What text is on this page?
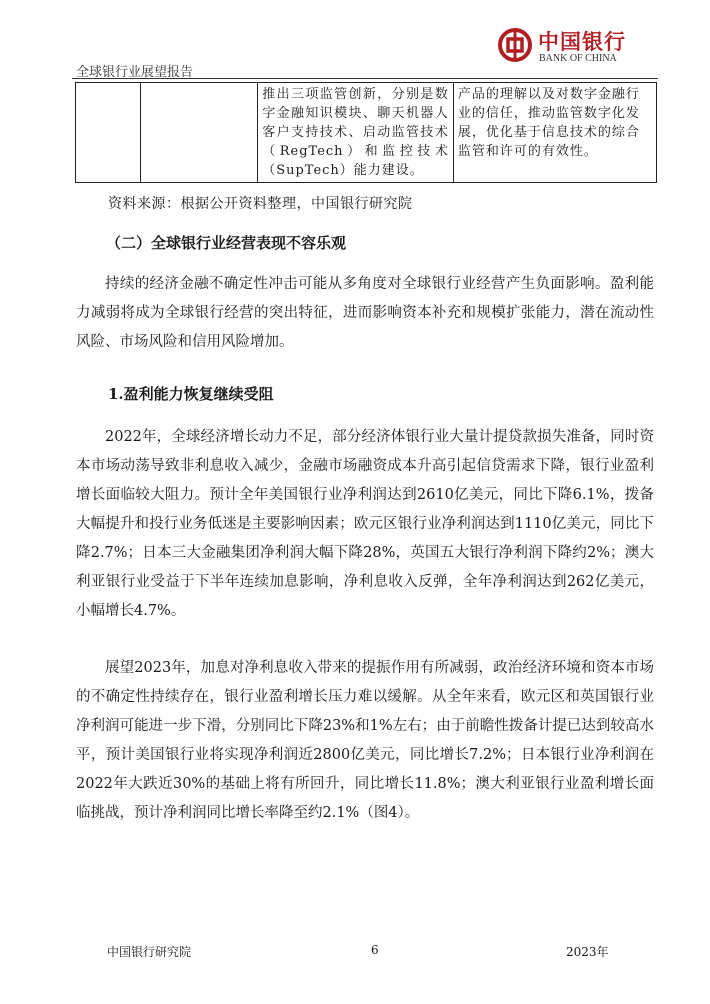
全球银行业展望报告
中国银行
BANK OF CHINA
		推出三项监管创新，分别是数字金融知识模块、聊天机器人客户支持技术、启动监管技术（RegTech）和监控技术（SupTech）能力建设。	产品的理解以及对数字金融行业的信任，推动监管数字化发展，优化基于信息技术的综合监管和许可的有效性。
资料来源：根据公开资料整理，中国银行研究院
（二）全球银行业经营表现不容乐观
持续的经济金融不确定性冲击可能从多角度对全球银行业经营产生负面影响。盈利能力减弱将成为全球银行经营的突出特征，进而影响资本补充和规模扩张能力，潜在流动性风险、市场风险和信用风险增加。
1.盈利能力恢复继续受阻
2022年，全球经济增长动力不足，部分经济体银行业大量计提贷款损失准备，同时资本市场动荡导致非利息收入减少，金融市场融资成本升高引起信贷需求下降，银行业盈利增长面临较大阻力。预计全年美国银行业净利润达到2610亿美元，同比下降6.1%，拨备大幅提升和投行业务低迷是主要影响因素；欧元区银行业净利润达到1110亿美元，同比下降2.7%；日本三大金融集团净利润大幅下降28%，英国五大银行净利润下降约2%；澳大利亚银行业受益于下半年连续加息影响，净利息收入反弹，全年净利润达到262亿美元，小幅增长4.7%。
展望2023年，加息对净利息收入带来的提振作用有所减弱，政治经济环境和资本市场的不确定性持续存在，银行业盈利增长压力难以缓解。从全年来看，欧元区和英国银行业净利润可能进一步下滑，分别同比下降23%和1%左右；由于前瞻性拨备计提已达到较高水平，预计美国银行业将实现净利润近2800亿美元，同比增长7.2%；日本银行业净利润在2022年大跌近30%的基础上将有所回升，同比增长11.8%；澳大利亚银行业盈利增长面临挑战，预计净利润同比增长率降至约2.1%（图4）。
中国银行研究院	6	2023年
